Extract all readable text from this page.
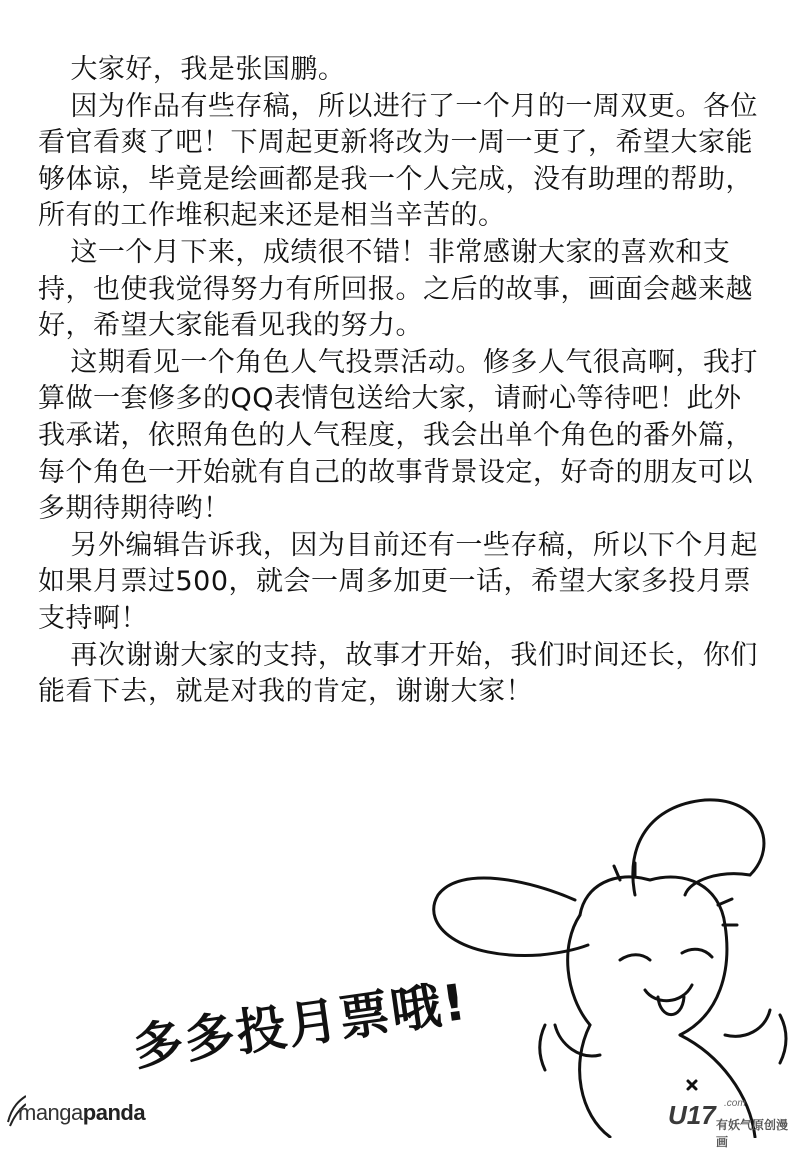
大家好，我是张国鹏。

因为作品有些存稿，所以进行了一个月的一周双更。各位看官看爽了吧！下周起更新将改为一周一更了，希望大家能够体谅，毕竟是绘画都是我一个人完成，没有助理的帮助，所有的工作堆积起来还是相当辛苦的。

这一个月下来，成绩很不错！非常感谢大家的喜欢和支持，也使我觉得努力有所回报。之后的故事，画面会越来越好，希望大家能看见我的努力。

这期看见一个角色人气投票活动。修多人气很高啊，我打算做一套修多的QQ表情包送给大家，请耐心等待吧！此外我承诺，依照角色的人气程度，我会出单个角色的番外篇，每个角色一开始就有自己的故事背景设定，好奇的朋友可以多期待期待哟！

另外编辑告诉我，因为目前还有一些存稿，所以下个月起如果月票过500，就会一周多加更一话，希望大家多投月票支持啊！

再次谢谢大家的支持，故事才开始，我们时间还长，你们能看下去，就是对我的肯定，谢谢大家！

多多投月票哦!
mangapanda	U17 .com
有妖气原创漫画
